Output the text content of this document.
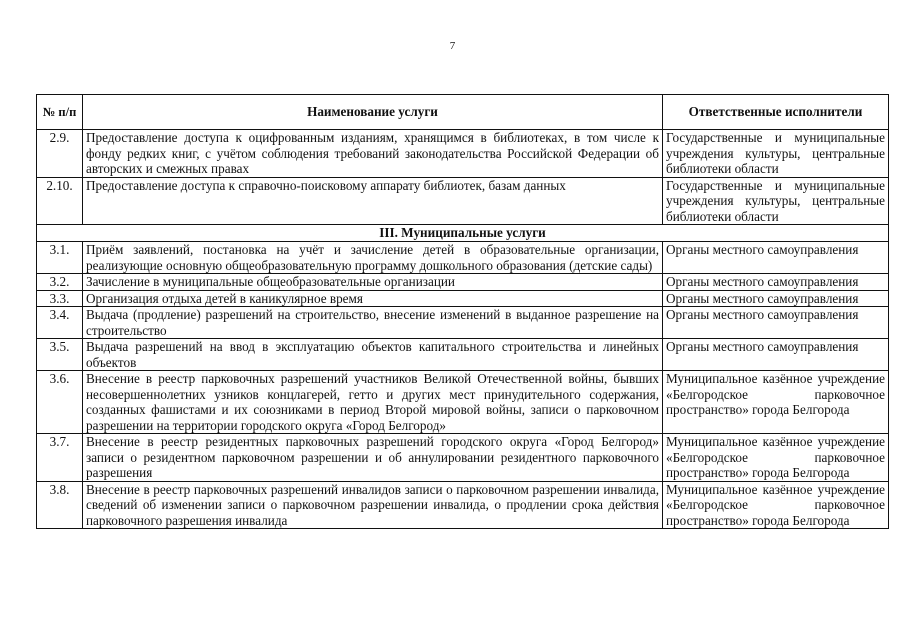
7
№ п/п	Наименование услуги	Ответственные исполнители
2.9.	Предоставление доступа к оцифрованным изданиям, хранящимся в библиотеках, в том числе к фонду редких книг, с учётом соблюдения требований законодательства Российской Федерации об авторских и смежных правах	Государственные и муниципальные учреждения культуры, центральные библиотеки области
2.10.	Предоставление доступа к справочно-поисковому аппарату библиотек, базам данных	Государственные и муниципальные учреждения культуры, центральные библиотеки области
III. Муниципальные услуги		
3.1.	Приём заявлений, постановка на учёт и зачисление детей в образовательные организации, реализующие основную общеобразовательную программу дошкольного образования (детские сады)	Органы местного самоуправления
3.2.	Зачисление в муниципальные общеобразовательные организации	Органы местного самоуправления
3.3.	Организация отдыха детей в каникулярное время	Органы местного самоуправления
3.4.	Выдача (продление) разрешений на строительство, внесение изменений в выданное разрешение на строительство	Органы местного самоуправления
3.5.	Выдача разрешений на ввод в эксплуатацию объектов капитального строительства и линейных объектов	Органы местного самоуправления
3.6.	Внесение в реестр парковочных разрешений участников Великой Отечественной войны, бывших несовершеннолетних узников концлагерей, гетто и других мест принудительного содержания, созданных фашистами и их союзниками в период Второй мировой войны, записи о парковочном разрешении на территории городского округа «Город Белгород»	Муниципальное казённое учреждение «Белгородское парковочное пространство» города Белгорода
3.7.	Внесение в реестр резидентных парковочных разрешений городского округа «Город Белгород» записи о резидентном парковочном разрешении и об аннулировании резидентного парковочного разрешения	Муниципальное казённое учреждение «Белгородское парковочное пространство» города Белгорода
3.8.	Внесение в реестр парковочных разрешений инвалидов записи о парковочном разрешении инвалида, сведений об изменении записи о парковочном разрешении инвалида, о продлении срока действия парковочного разрешения инвалида	Муниципальное казённое учреждение «Белгородское парковочное пространство» города Белгорода
